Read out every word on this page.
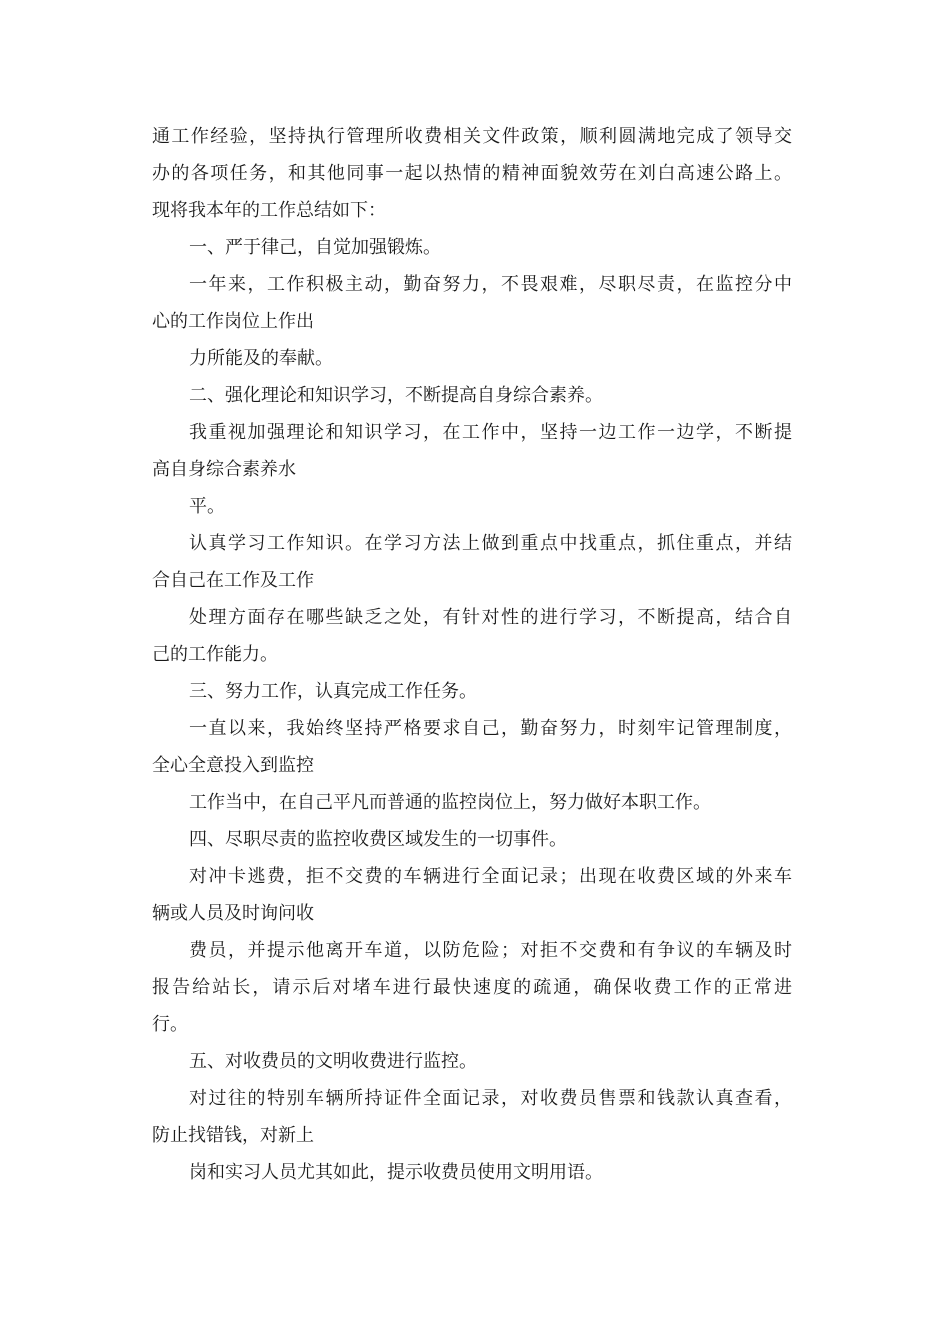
通工作经验，坚持执行管理所收费相关文件政策，顺利圆满地完成了领导交
办的各项任务，和其他同事一起以热情的精神面貌效劳在刘白高速公路上。
现将我本年的工作总结如下：
一、严于律己，自觉加强锻炼。
一年来，工作积极主动，勤奋努力，不畏艰难，尽职尽责，在监控分中
心的工作岗位上作出
力所能及的奉献。
二、强化理论和知识学习，不断提高自身综合素养。
我重视加强理论和知识学习，在工作中，坚持一边工作一边学，不断提
高自身综合素养水
平。
认真学习工作知识。在学习方法上做到重点中找重点，抓住重点，并结
合自己在工作及工作
处理方面存在哪些缺乏之处，有针对性的进行学习，不断提高，结合自
己的工作能力。
三、努力工作，认真完成工作任务。
一直以来，我始终坚持严格要求自己，勤奋努力，时刻牢记管理制度，
全心全意投入到监控
工作当中，在自己平凡而普通的监控岗位上，努力做好本职工作。
四、尽职尽责的监控收费区域发生的一切事件。
对冲卡逃费，拒不交费的车辆进行全面记录；出现在收费区域的外来车
辆或人员及时询问收
费员，并提示他离开车道，以防危险；对拒不交费和有争议的车辆及时
报告给站长，请示后对堵车进行最快速度的疏通，确保收费工作的正常进
行。
五、对收费员的文明收费进行监控。
对过往的特别车辆所持证件全面记录，对收费员售票和钱款认真查看，
防止找错钱，对新上
岗和实习人员尤其如此，提示收费员使用文明用语。
